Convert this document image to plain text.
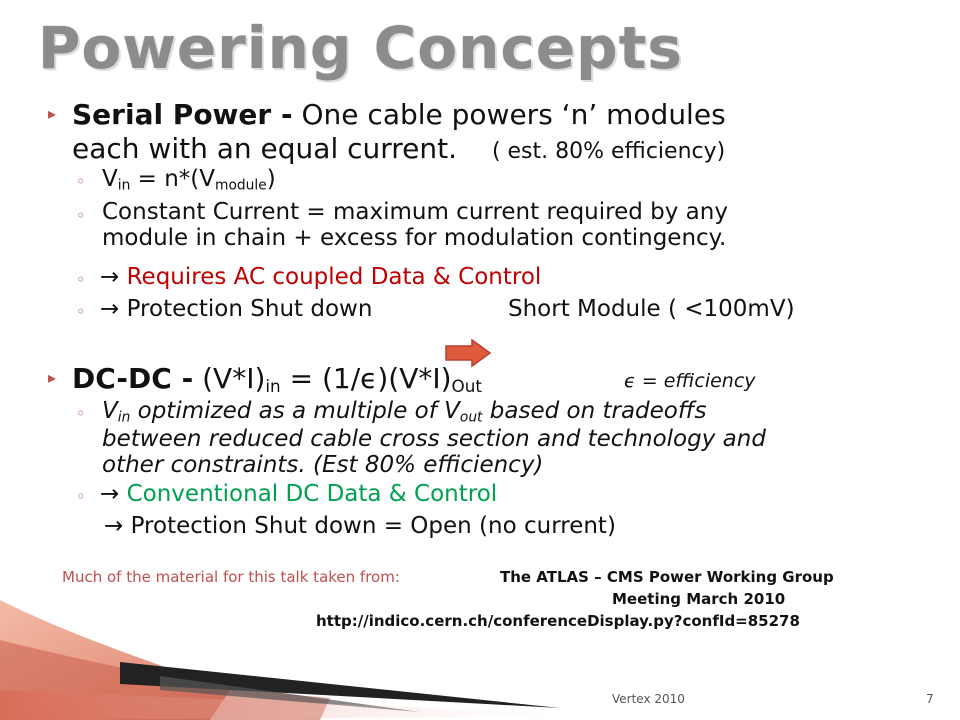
Powering Concepts
▸ Serial Power - One cable powers ‘n’ modules
each with an equal current. ( est. 80% efficiency)
◦ $V_{in} = n*(V_{module})$
◦ Constant Current = maximum current required by any
module in chain + excess for modulation contingency.
◦ → Requires AC coupled Data & Control
◦ → Protection Shut down	Short Module ( <100mV)
▸ $DC-DC - (V*I)_{in} = (1/\epsilon)(V*I)_{Out}$	ϵ = efficiency
◦ $V_{in}$ optimized as a multiple of $V_{out}$ based on tradeoffs
between reduced cable cross section and technology and
other constraints. (Est 80% efficiency)
◦ → Conventional DC Data & Control
→ Protection Shut down = Open (no current)
Much of the material for this talk taken from:	The ATLAS – CMS Power Working Group
Meeting March 2010
http://indico.cern.ch/conferenceDisplay.py?confId=85278
Vertex 2010	7
